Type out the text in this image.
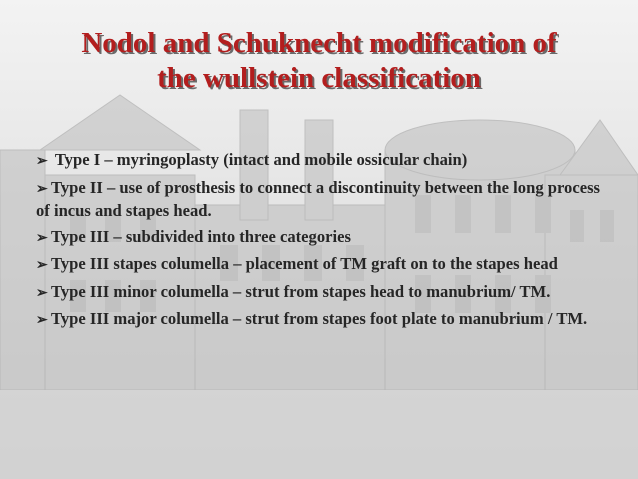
Nodol and Schuknecht modification of
the wullstein classification
➢ Type I – myringoplasty (intact and mobile ossicular chain)
➢ Type II – use of prosthesis to connect a discontinuity between the long process of incus and stapes head.
➢ Type III – subdivided into three categories
➢ Type III stapes columella – placement of TM graft on to the stapes head
➢ Type III minor columella – strut from stapes head to manubrium/ TM.
➢ Type III major columella – strut from stapes foot plate to manubrium / TM.
